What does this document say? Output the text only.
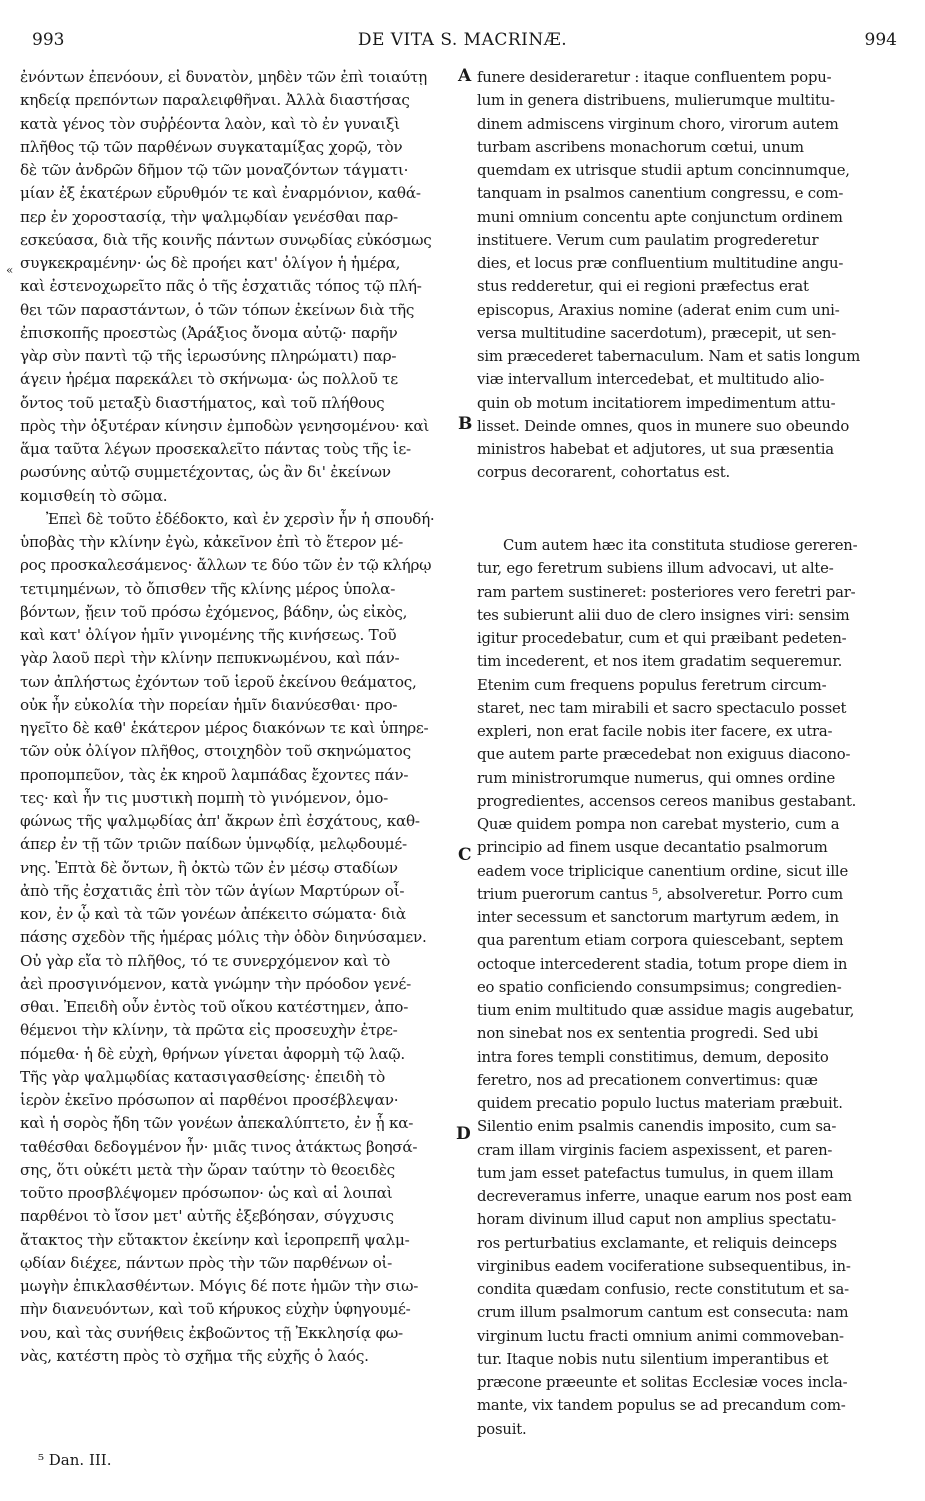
993	DE VITA S. MACRINÆ.	994
«
ἐνόντων ἐπενόουν, εἰ δυνατὸν, μηδὲν τῶν ἐπὶ τοιαύτῃ
κηδείᾳ πρεπόντων παραλειφθῆναι. Ἀλλὰ διαστήσας
κατὰ γένος τὸν συῤῥέοντα λαὸν, καὶ τὸ ἐν γυναιξὶ
πλῆθος τῷ τῶν παρθένων συγκαταμίξας χορῷ, τὸν
δὲ τῶν ἀνδρῶν δῆμον τῷ τῶν μοναζόντων τάγματι·
μίαν ἐξ ἑκατέρων εὔρυθμόν τε καὶ ἐναρμόνιον, καθά-
περ ἐν χοροστασίᾳ, τὴν ψαλμῳδίαν γενέσθαι παρ-
εσκεύασα, διὰ τῆς κοινῆς πάντων συνῳδίας εὐκόσμως
συγκεκραμένην· ὡς δὲ προήει κατ' ὀλίγον ἡ ἡμέρα,
καὶ ἐστενοχωρεῖτο πᾶς ὁ τῆς ἐσχατιᾶς τόπος τῷ πλή-
θει τῶν παραστάντων, ὁ τῶν τόπων ἐκείνων διὰ τῆς
ἐπισκοπῆς προεστὼς (Ἀράξιος ὄνομα αὐτῷ· παρῆν
γὰρ σὺν παντὶ τῷ τῆς ἱερωσύνης πληρώματι) παρ-
άγειν ἠρέμα παρεκάλει τὸ σκήνωμα· ὡς πολλοῦ τε
ὄντος τοῦ μεταξὺ διαστήματος, καὶ τοῦ πλήθους
πρὸς τὴν ὀξυτέραν κίνησιν ἐμποδὼν γενησομένου· καὶ
ἅμα ταῦτα λέγων προσεκαλεῖτο πάντας τοὺς τῆς ἱε-
ρωσύνης αὐτῷ συμμετέχοντας, ὡς ἂν δι' ἐκείνων
κομισθείη τὸ σῶμα.
Ἐπεὶ δὲ τοῦτο ἐδέδοκτο, καὶ ἐν χερσὶν ἦν ἡ σπουδή·
ὑποβὰς τὴν κλίνην ἐγὼ, κἀκεῖνον ἐπὶ τὸ ἕτερον μέ-
ρος προσκαλεσάμενος· ἄλλων τε δύο τῶν ἐν τῷ κλήρῳ
τετιμημένων, τὸ ὄπισθεν τῆς κλίνης μέρος ὑπολα-
βόντων, ᾔειν τοῦ πρόσω ἐχόμενος, βάδην, ὡς εἰκὸς,
καὶ κατ' ὀλίγον ἡμῖν γινομένης τῆς κινήσεως. Τοῦ
γὰρ λαοῦ περὶ τὴν κλίνην πεπυκνωμένου, καὶ πάν-
των ἀπλήστως ἐχόντων τοῦ ἱεροῦ ἐκείνου θεάματος,
οὐκ ἦν εὐκολία τὴν πορείαν ἡμῖν διανύεσθαι· προ-
ηγεῖτο δὲ καθ' ἑκάτερον μέρος διακόνων τε καὶ ὑπηρε-
τῶν οὐκ ὀλίγον πλῆθος, στοιχηδὸν τοῦ σκηνώματος
προπομπεῦον, τὰς ἐκ κηροῦ λαμπάδας ἔχοντες πάν-
τες· καὶ ἦν τις μυστικὴ πομπὴ τὸ γινόμενον, ὁμο-
φώνως τῆς ψαλμῳδίας ἀπ' ἄκρων ἐπὶ ἐσχάτους, καθ-
άπερ ἐν τῇ τῶν τριῶν παίδων ὑμνῳδίᾳ, μελῳδουμέ-
νης. Ἑπτὰ δὲ ὄντων, ἢ ὀκτὼ τῶν ἐν μέσῳ σταδίων
ἀπὸ τῆς ἐσχατιᾶς ἐπὶ τὸν τῶν ἁγίων Μαρτύρων οἶ-
κον, ἐν ᾧ καὶ τὰ τῶν γονέων ἀπέκειτο σώματα· διὰ
πάσης σχεδὸν τῆς ἡμέρας μόλις τὴν ὁδὸν διηνύσαμεν.
Οὐ γὰρ εἴα τὸ πλῆθος, τό τε συνερχόμενον καὶ τὸ
ἀεὶ προσγινόμενον, κατὰ γνώμην τὴν πρόοδον γενέ-
σθαι. Ἐπειδὴ οὖν ἐντὸς τοῦ οἴκου κατέστημεν, ἀπο-
θέμενοι τὴν κλίνην, τὰ πρῶτα εἰς προσευχὴν ἐτρε-
πόμεθα· ἡ δὲ εὐχὴ, θρήνων γίνεται ἀφορμὴ τῷ λαῷ.
Τῆς γὰρ ψαλμῳδίας κατασιγασθείσης· ἐπειδὴ τὸ
ἱερὸν ἐκεῖνο πρόσωπον αἱ παρθένοι προσέβλεψαν·
καὶ ἡ σορὸς ἤδη τῶν γονέων ἀπεκαλύπτετο, ἐν ᾗ κα-
ταθέσθαι δεδογμένον ἦν· μιᾶς τινος ἀτάκτως βοησά-
σης, ὅτι οὐκέτι μετὰ τὴν ὥραν ταύτην τὸ θεοειδὲς
τοῦτο προσβλέψομεν πρόσωπον· ὡς καὶ αἱ λοιπαὶ
παρθένοι τὸ ἴσον μετ' αὐτῆς ἐξεβόησαν, σύγχυσις
ἄτακτος τὴν εὔτακτον ἐκείνην καὶ ἱεροπρεπῆ ψαλμ-
ῳδίαν διέχεε, πάντων πρὸς τὴν τῶν παρθένων οἰ-
μωγὴν ἐπικλασθέντων. Μόγις δέ ποτε ἡμῶν τὴν σιω-
πὴν διανευόντων, καὶ τοῦ κήρυκος εὐχὴν ὑφηγουμέ-
νου, καὶ τὰς συνήθεις ἐκβοῶντος τῇ Ἐκκλησίᾳ φω-
νὰς, κατέστη πρὸς τὸ σχῆμα τῆς εὐχῆς ὁ λαός.
A
B
C
D
funere desideraretur : itaque confluentem popu-
lum in genera distribuens, mulierumque multitu-
dinem admiscens virginum choro, virorum autem
turbam ascribens monachorum cœtui, unum
quemdam ex utrisque studii aptum concinnumque,
tanquam in psalmos canentium congressu, e com-
muni omnium concentu apte conjunctum ordinem
instituere. Verum cum paulatim progrederetur
dies, et locus præ confluentium multitudine angu-
stus redderetur, qui ei regioni præfectus erat
episcopus, Araxius nomine (aderat enim cum uni-
versa multitudine sacerdotum), præcepit, ut sen-
sim præcederet tabernaculum. Nam et satis longum
viæ intervallum intercedebat, et multitudo alio-
quin ob motum incitatiorem impedimentum attu-
lisset. Deinde omnes, quos in munere suo obeundo
ministros habebat et adjutores, ut sua præsentia
corpus decorarent, cohortatus est.
Cum autem hæc ita constituta studiose gereren-
tur, ego feretrum subiens illum advocavi, ut alte-
ram partem sustineret: posteriores vero feretri par-
tes subierunt alii duo de clero insignes viri: sensim
igitur procedebatur, cum et qui præibant pedeten-
tim incederent, et nos item gradatim sequeremur.
Etenim cum frequens populus feretrum circum-
staret, nec tam mirabili et sacro spectaculo posset
expleri, non erat facile nobis iter facere, ex utra-
que autem parte præcedebat non exiguus diacono-
rum ministrorumque numerus, qui omnes ordine
progredientes, accensos cereos manibus gestabant.
Quæ quidem pompa non carebat mysterio, cum a
principio ad finem usque decantatio psalmorum
eadem voce triplicique canentium ordine, sicut ille
trium puerorum cantus ⁵, absolveretur. Porro cum
inter secessum et sanctorum martyrum ædem, in
qua parentum etiam corpora quiescebant, septem
octoque intercederent stadia, totum prope diem in
eo spatio conficiendo consumpsimus; congredien-
tium enim multitudo quæ assidue magis augebatur,
non sinebat nos ex sententia progredi. Sed ubi
intra fores templi constitimus, demum, deposito
feretro, nos ad precationem convertimus: quæ
quidem precatio populo luctus materiam præbuit.
Silentio enim psalmis canendis imposito, cum sa-
cram illam virginis faciem aspexissent, et paren-
tum jam esset patefactus tumulus, in quem illam
decreveramus inferre, unaque earum nos post eam
horam divinum illud caput non amplius spectatu-
ros perturbatius exclamante, et reliquis deinceps
virginibus eadem vociferatione subsequentibus, in-
condita quædam confusio, recte constitutum et sa-
crum illum psalmorum cantum est consecuta: nam
virginum luctu fracti omnium animi commoveban-
tur. Itaque nobis nutu silentium imperantibus et
præcone præeunte et solitas Ecclesiæ voces incla-
mante, vix tandem populus se ad precandum com-
posuit.
⁵ Dan. III.
